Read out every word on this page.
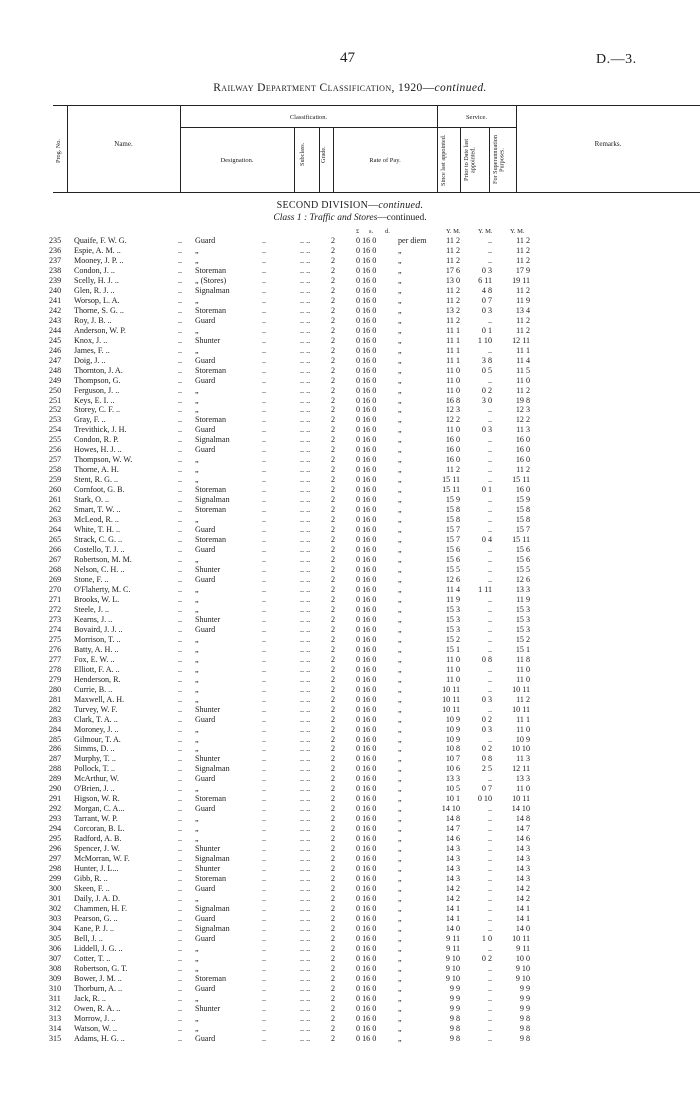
47	D.—3.
Railway Department Classification, 1920—continued.
Prog. No.	Name.
Classification.
Designation.	Subclass. Grade.	Rate of Pay.
Service.
Since last appointed.	Prior to Date last appointed.	For Superannuation Purposes.
Remarks.
SECOND DIVISION—continued.
Class 1 : Traffic and Stores—continued.
£ s. d.	Y. M.	Y. M.	Y. M.
..	..	.. ..
235	Quaife, F. W. G.	Guard	2	0 16 0	per diem	11 2	..	11 2
..	..	.. ..
236	Espie, A. M. ..	„	2	0 16 0	„	11 2	..	11 2
..	..	.. ..
237	Mooney, J. P. ..	„	2	0 16 0	„	11 2	..	11 2
..	..	.. ..
238	Condon, J. ..	Storeman	2	0 16 0	„	17 6	0 3	17 9
..	..	.. ..
239	Scelly, H. J. ..	„ (Stores)	2	0 16 0	„	13 0	6 11	19 11
..	..	.. ..
240	Glen, R. J. ..	Signalman	2	0 16 0	„	11 2	4 8	11 2
..	..	.. ..
241	Worsop, L. A.	„	2	0 16 0	„	11 2	0 7	11 9
..	..	.. ..
242	Thorne, S. G. ..	Storeman	2	0 16 0	„	13 2	0 3	13 4
..	..	.. ..
243	Roy, J. B. ..	Guard	2	0 16 0	„	11 2	..	11 2
..	..	.. ..
244	Anderson, W. P.	„	2	0 16 0	„	11 1	0 1	11 2
..	..	.. ..
245	Knox, J. ..	Shunter	2	0 16 0	„	11 1	1 10	12 11
..	..	.. ..
246	James, F. ..	„	2	0 16 0	„	11 1	..	11 1
..	..	.. ..
247	Doig, J. ..	Guard	2	0 16 0	„	11 1	3 8	11 4
..	..	.. ..
248	Thornton, J. A.	Storeman	2	0 16 0	„	11 0	0 5	11 5
..	..	.. ..
249	Thompson, G.	Guard	2	0 16 0	„	11 0	..	11 0
..	..	.. ..
250	Ferguson, J. ..	„	2	0 16 0	„	11 0	0 2	11 2
..	..	.. ..
251	Keys, E. I. ..	„	2	0 16 0	„	16 8	3 0	19 8
..	..	.. ..
252	Storey, C. F. ..	„	2	0 16 0	„	12 3	..	12 3
..	..	.. ..
253	Gray, F. ..	Storeman	2	0 16 0	„	12 2	..	12 2
..	..	.. ..
254	Trevithick, J. H.	Guard	2	0 16 0	„	11 0	0 3	11 3
..	..	.. ..
255	Condon, R. P.	Signalman	2	0 16 0	„	16 0	..	16 0
..	..	.. ..
256	Howes, H. J. ..	Guard	2	0 16 0	„	16 0	..	16 0
..	..	.. ..
257	Thompson, W. W.	„	2	0 16 0	„	16 0	..	16 0
..	..	.. ..
258	Thorne, A. H.	„	2	0 16 0	„	11 2	..	11 2
..	..	.. ..
259	Stent, R. G. ..	„	2	0 16 0	„	15 11	..	15 11
..	..	.. ..
260	Cornfoot, G. B.	Storeman	2	0 16 0	„	15 11	0 1	16 0
..	..	.. ..
261	Stark, O. ..	Signalman	2	0 16 0	„	15 9	..	15 9
..	..	.. ..
262	Smart, T. W. ..	Storeman	2	0 16 0	„	15 8	..	15 8
..	..	.. ..
263	McLeod, R. ..	„	2	0 16 0	„	15 8	..	15 8
..	..	.. ..
264	White, T. H. ..	Guard	2	0 16 0	„	15 7	..	15 7
..	..	.. ..
265	Strack, C. G. ..	Storeman	2	0 16 0	„	15 7	0 4	15 11
..	..	.. ..
266	Costello, T. J. ..	Guard	2	0 16 0	„	15 6	..	15 6
..	..	.. ..
267	Robertson, M. M.	„	2	0 16 0	„	15 6	..	15 6
..	..	.. ..
268	Nelson, C. H. ..	Shunter	2	0 16 0	„	15 5	..	15 5
..	..	.. ..
269	Stone, F. ..	Guard	2	0 16 0	„	12 6	..	12 6
..	..	.. ..
270	O'Flaherty, M. C.	„	2	0 16 0	„	11 4	1 11	13 3
..	..	.. ..
271	Brooks, W. L.	„	2	0 16 0	„	11 9	..	11 9
..	..	.. ..
272	Steele, J. ..	„	2	0 16 0	„	15 3	..	15 3
..	..	.. ..
273	Kearns, J. ..	Shunter	2	0 16 0	„	15 3	..	15 3
..	..	.. ..
274	Bovaird, J. J. ..	Guard	2	0 16 0	„	15 3	..	15 3
..	..	.. ..
275	Morrison, T. ..	„	2	0 16 0	„	15 2	..	15 2
..	..	.. ..
276	Batty, A. H. ..	„	2	0 16 0	„	15 1	..	15 1
..	..	.. ..
277	Fox, E. W. ..	„	2	0 16 0	„	11 0	0 8	11 8
..	..	.. ..
278	Elliott, F. A. ..	„	2	0 16 0	„	11 0	..	11 0
..	..	.. ..
279	Henderson, R.	„	2	0 16 0	„	11 0	..	11 0
..	..	.. ..
280	Currie, B. ..	„	2	0 16 0	„	10 11	..	10 11
..	..	.. ..
281	Maxwell, A. H.	„	2	0 16 0	„	10 11	0 3	11 2
..	..	.. ..
282	Turvey, W. F.	Shunter	2	0 16 0	„	10 11	..	10 11
..	..	.. ..
283	Clark, T. A. ..	Guard	2	0 16 0	„	10 9	0 2	11 1
..	..	.. ..
284	Moroney, J. ..	„	2	0 16 0	„	10 9	0 3	11 0
..	..	.. ..
285	Gilmour, T. A.	„	2	0 16 0	„	10 9	..	10 9
..	..	.. ..
286	Simms, D. ..	„	2	0 16 0	„	10 8	0 2	10 10
..	..	.. ..
287	Murphy, T. ..	Shunter	2	0 16 0	„	10 7	0 8	11 3
..	..	.. ..
288	Pollock, T. ..	Signalman	2	0 16 0	„	10 6	2 5	12 11
..	..	.. ..
289	McArthur, W.	Guard	2	0 16 0	„	13 3	..	13 3
..	..	.. ..
290	O'Brien, J. ..	„	2	0 16 0	„	10 5	0 7	11 0
..	..	.. ..
291	Higson, W. R.	Storeman	2	0 16 0	„	10 1	0 10	10 11
..	..	.. ..
292	Morgan, C. A...	Guard	2	0 16 0	„	14 10	..	14 10
..	..	.. ..
293	Tarrant, W. P.	„	2	0 16 0	„	14 8	..	14 8
..	..	.. ..
294	Corcoran, B. L.	„	2	0 16 0	„	14 7	..	14 7
..	..	.. ..
295	Radford, A. B.	„	2	0 16 0	„	14 6	..	14 6
..	..	.. ..
296	Spencer, J. W.	Shunter	2	0 16 0	„	14 3	..	14 3
..	..	.. ..
297	McMorran, W. F.	Signalman	2	0 16 0	„	14 3	..	14 3
..	..	.. ..
298	Hunter, J. L...	Shunter	2	0 16 0	„	14 3	..	14 3
..	..	.. ..
299	Gibb, R. ..	Storeman	2	0 16 0	„	14 3	..	14 3
..	..	.. ..
300	Skeen, F. ..	Guard	2	0 16 0	„	14 2	..	14 2
..	..	.. ..
301	Daily, J. A. D.	„	2	0 16 0	„	14 2	..	14 2
..	..	.. ..
302	Chammen, H. F.	Signalman	2	0 16 0	„	14 1	..	14 1
..	..	.. ..
303	Pearson, G. ..	Guard	2	0 16 0	„	14 1	..	14 1
..	..	.. ..
304	Kane, P. J. ..	Signalman	2	0 16 0	„	14 0	..	14 0
..	..	.. ..
305	Bell, J. ..	Guard	2	0 16 0	„	9 11	1 0	10 11
..	..	.. ..
306	Liddell, J. G. ..	„	2	0 16 0	„	9 11	..	9 11
..	..	.. ..
307	Cotter, T. ..	„	2	0 16 0	„	9 10	0 2	10 0
..	..	.. ..
308	Robertson, G. T.	„	2	0 16 0	„	9 10	..	9 10
..	..	.. ..
309	Bower, J. M. ..	Storeman	2	0 16 0	„	9 10	..	9 10
..	..	.. ..
310	Thorburn, A. ..	Guard	2	0 16 0	„	9 9	..	9 9
..	..	.. ..
311	Jack, R. ..	„	2	0 16 0	„	9 9	..	9 9
..	..	.. ..
312	Owen, R. A. ..	Shunter	2	0 16 0	„	9 9	..	9 9
..	..	.. ..
313	Morrow, J. ..	„	2	0 16 0	„	9 8	..	9 8
..	..	.. ..
314	Watson, W. ..	„	2	0 16 0	„	9 8	..	9 8
..	..	.. ..
315	Adams, H. G. ..	Guard	2	0 16 0	„	9 8	..	9 8
